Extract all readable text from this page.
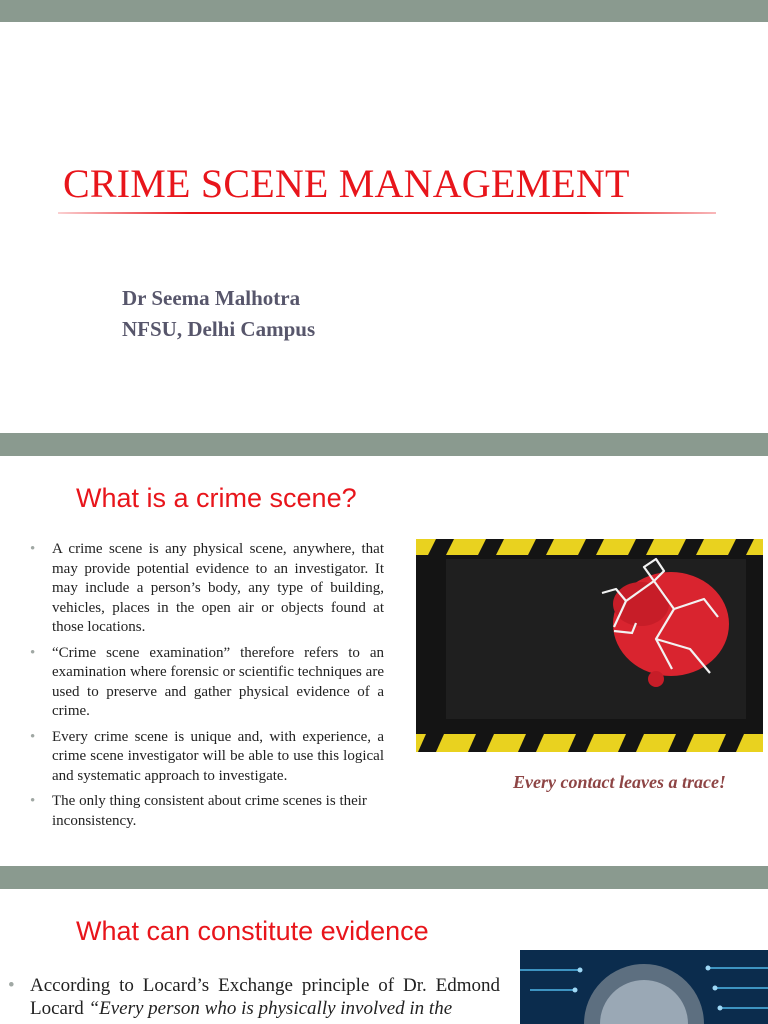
CRIME SCENE MANAGEMENT
Dr Seema Malhotra
NFSU, Delhi Campus
What is a crime scene?
• A crime scene is any physical scene, anywhere, that may provide potential evidence to an investigator. It may include a person’s body, any type of building, vehicles, places in the open air or objects found at those locations.
• “Crime scene examination” therefore refers to an examination where forensic or scientific techniques are used to preserve and gather physical evidence of a crime.
• Every crime scene is unique and, with experience, a crime scene investigator will be able to use this logical and systematic approach to investigate.
• The only thing consistent about crime scenes is their inconsistency.
Every contact leaves a trace!
What can constitute evidence
• According to Locard’s Exchange principle of Dr. Edmond Locard “Every person who is physically involved in the
